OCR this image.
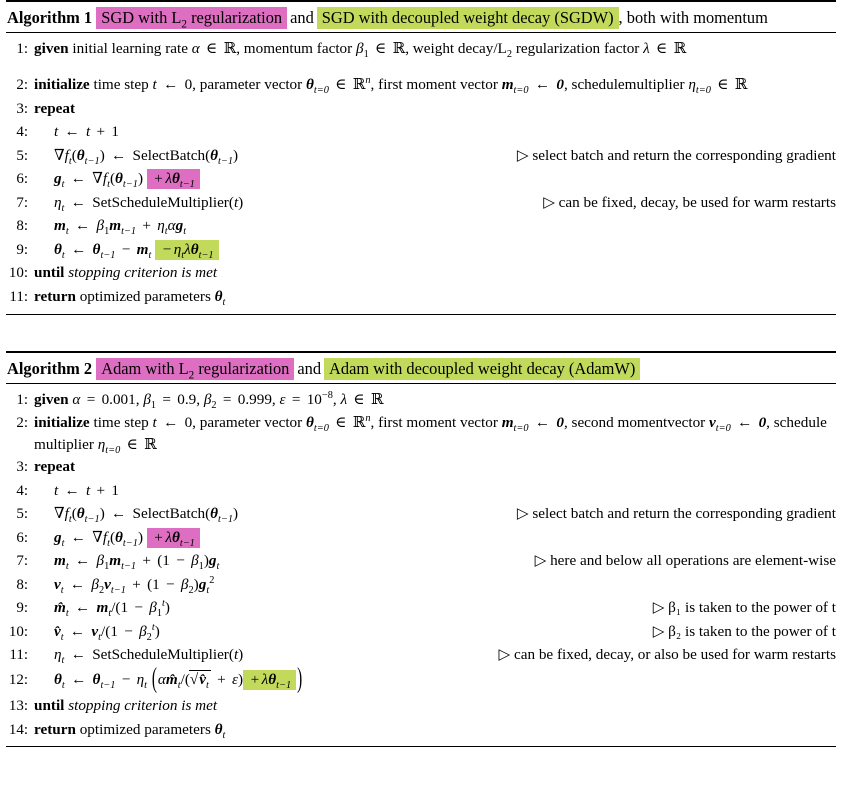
Algorithm 1 SGD with $L_2$ regularization and SGD with decoupled weight decay (SGDW) , both with momentum
1: given initial learning rate α ∈ ℝ, momentum factor $\beta_1$ ∈ ℝ, weight decay/$L_2$ regularization factor λ ∈ ℝ
2: initialize time step t ← 0, parameter vector $\theta_{t=0}$ ∈ ℝ$^n$, first moment vector $m_{t=0}$ ← 0, schedulemultiplier $\eta_{t=0}$ ∈ ℝ
3: repeat
4:	t ← t + 1
5:	$\nabla f_t(\theta_{t-1})$ ← $SelectBatch(\theta_{t-1})$	▷ select batch and return the corresponding gradient
6:	$g_t$ ← $\nabla f_t(\theta_{t-1}) + \lambda\theta_{t-1}$
7:	$\eta_t$ ← SetScheduleMultiplier(t)	▷ can be fixed, decay, be used for warm restarts
8:	$m_t$ ← $\beta_1m_{t-1} + \eta_t\alpha g_t$
9:	$\theta_t$ ← $\theta_{t-1} - m_t - \eta_t\lambda\theta_{t-1}$
10: until stopping criterion is met
11: return optimized parameters $\theta_t$
Algorithm 2 Adam with $L_2$ regularization and Adam with decoupled weight decay (AdamW)
1: given α = 0.001, $\beta_1 = 0.9$, $\beta_2 = 0.999$, $\varepsilon = 10^{-8}$, λ ∈ ℝ
2: initialize time step t ← 0, parameter vector $\theta_{t=0}$ ∈ ℝ$^n$, first moment vector $m_{t=0}$ ← 0, second momentvector $v_{t=0}$ ← 0, schedule multiplier $\eta_{t=0}$ ∈ ℝ
3: repeat
4:	t ← t + 1
5:	$\nabla f_t(\theta_{t-1})$ ← $SelectBatch(\theta_{t-1})$	▷ select batch and return the corresponding gradient
6:	$g_t$ ← $\nabla f_t(\theta_{t-1}) + \lambda\theta_{t-1}$
7:	$m_t$ ← $\beta_1m_{t-1} + (1 - \beta_1)g_t$	▷ here and below all operations are element-wise
8:	$v_t$ ← $\beta_2v_{t-1} + (1 - \beta_2)g_t^2$
9:	$m̂_t$ ← $m_t/(1 - \beta_1^t)$	▷ β₁ is taken to the power of t
10:	$v̂_t$ ← $v_t/(1 - \beta_2^t)$	▷ β₂ is taken to the power of t
11:	$\eta_t$ ← SetScheduleMultiplier(t)	▷ can be fixed, decay, or also be used for warm restarts
12:	$\theta_t$ ← $\theta_{t-1} - \eta_t$ ($\alpha m̂_t/(√v̂_t + \varepsilon) + \lambda\theta_{t-1}$ )
13: until stopping criterion is met
14: return optimized parameters $\theta_t$
